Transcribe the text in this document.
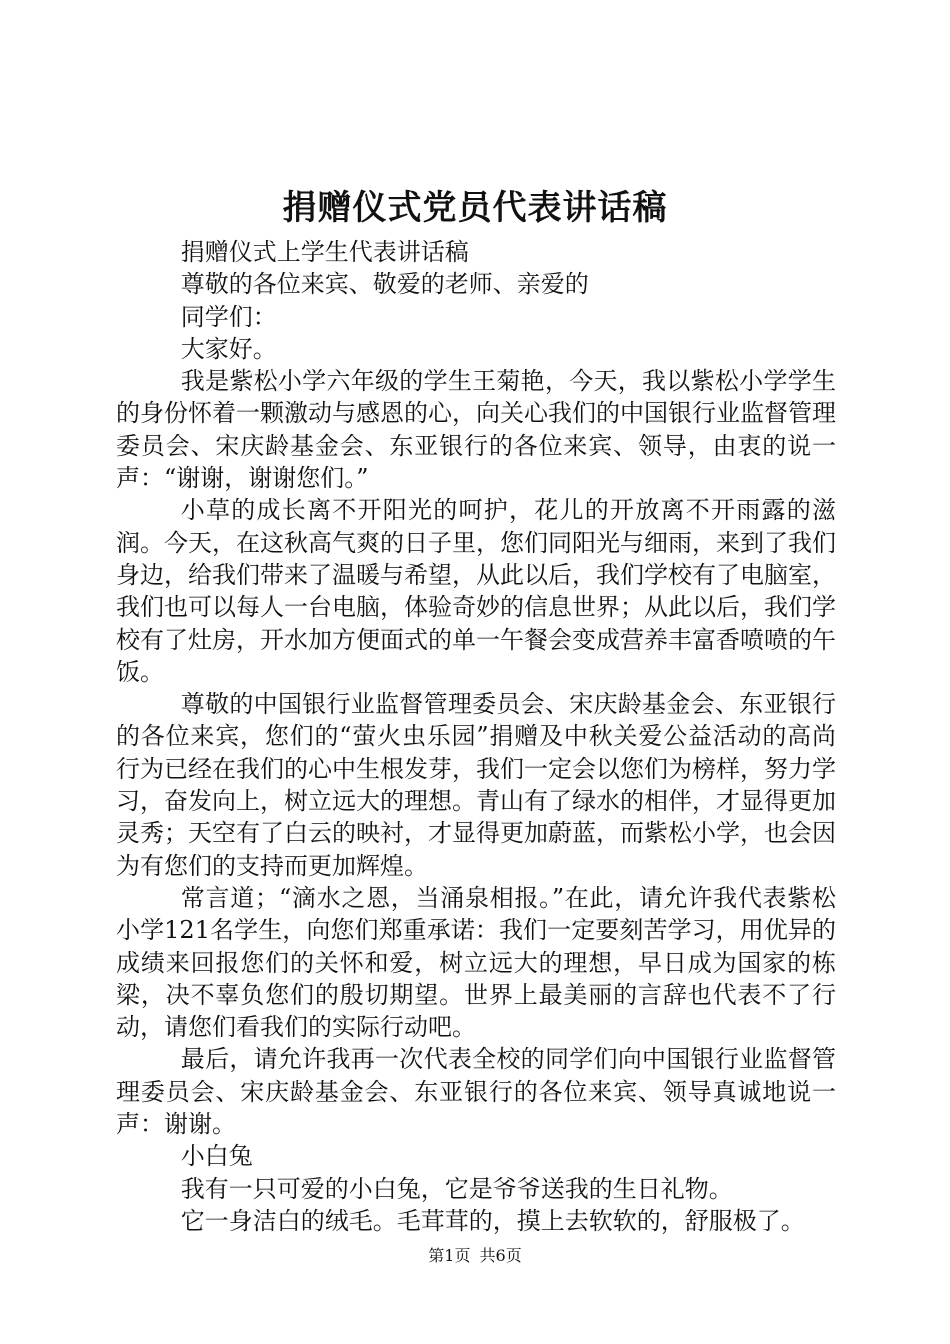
捐赠仪式党员代表讲话稿

捐赠仪式上学生代表讲话稿

尊敬的各位来宾、敬爱的老师、亲爱的

同学们：

大家好。

我是紫松小学六年级的学生王菊艳，今天，我以紫松小学学生的身份怀着一颗激动与感恩的心，向关心我们的中国银行业监督管理委员会、宋庆龄基金会、东亚银行的各位来宾、领导，由衷的说一声：“谢谢，谢谢您们。”

小草的成长离不开阳光的呵护，花儿的开放离不开雨露的滋润。今天，在这秋高气爽的日子里，您们同阳光与细雨，来到了我们身边，给我们带来了温暖与希望，从此以后，我们学校有了电脑室，我们也可以每人一台电脑，体验奇妙的信息世界；从此以后，我们学校有了灶房，开水加方便面式的单一午餐会变成营养丰富香喷喷的午饭。

尊敬的中国银行业监督管理委员会、宋庆龄基金会、东亚银行的各位来宾，您们的“萤火虫乐园”捐赠及中秋关爱公益活动的高尚行为已经在我们的心中生根发芽，我们一定会以您们为榜样，努力学习，奋发向上，树立远大的理想。青山有了绿水的相伴，才显得更加灵秀；天空有了白云的映衬，才显得更加蔚蓝，而紫松小学，也会因为有您们的支持而更加辉煌。

常言道；“滴水之恩，当涌泉相报。”在此，请允许我代表紫松小学121名学生，向您们郑重承诺：我们一定要刻苦学习，用优异的成绩来回报您们的关怀和爱，树立远大的理想，早日成为国家的栋梁，决不辜负您们的殷切期望。世界上最美丽的言辞也代表不了行动，请您们看我们的实际行动吧。

最后，请允许我再一次代表全校的同学们向中国银行业监督管理委员会、宋庆龄基金会、东亚银行的各位来宾、领导真诚地说一声：谢谢。

小白兔

我有一只可爱的小白兔，它是爷爷送我的生日礼物。

它一身洁白的绒毛。毛茸茸的，摸上去软软的，舒服极了。

第1页 共6页
